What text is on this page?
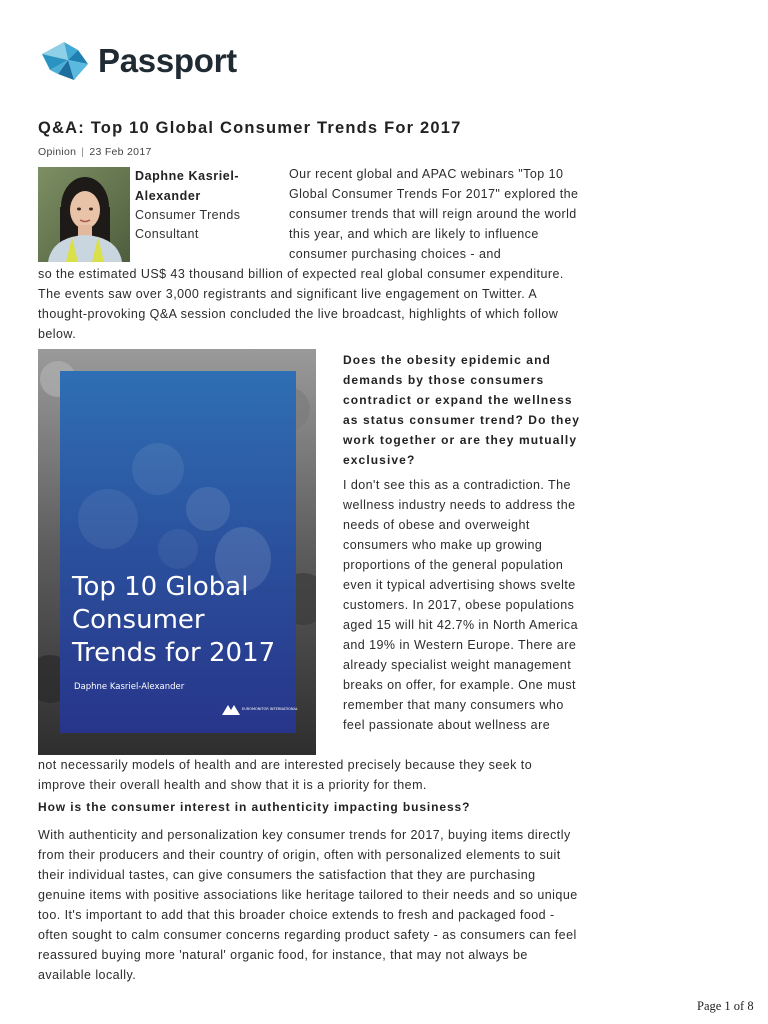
Passport
Q&A: Top 10 Global Consumer Trends For 2017
Opinion | 23 Feb 2017
Daphne Kasriel-Alexander
Consumer Trends Consultant

Our recent global and APAC webinars "Top 10 Global Consumer Trends For 2017" explored the consumer trends that will reign around the world this year, and which are likely to influence consumer purchasing choices - and

so the estimated US$ 43 thousand billion of expected real global consumer expenditure. The events saw over 3,000 registrants and significant live engagement on Twitter. A thought-provoking Q&A session concluded the live broadcast, highlights of which follow below.

Top 10 Global
Consumer
Trends for 2017
Daphne Kasriel-Alexander
EUROMONITOR INTERNATIONAL

Does the obesity epidemic and demands by those consumers contradict or expand the wellness as status consumer trend? Do they work together or are they mutually exclusive?

I don't see this as a contradiction. The wellness industry needs to address the needs of obese and overweight consumers who make up growing proportions of the general population even it typical advertising shows svelte customers. In 2017, obese populations aged 15 will hit 42.7% in North America and 19% in Western Europe. There are already specialist weight management breaks on offer, for example. One must remember that many consumers who feel passionate about wellness are

not necessarily models of health and are interested precisely because they seek to improve their overall health and show that it is a priority for them.

How is the consumer interest in authenticity impacting business?

With authenticity and personalization key consumer trends for 2017, buying items directly from their producers and their country of origin, often with personalized elements to suit their individual tastes, can give consumers the satisfaction that they are purchasing genuine items with positive associations like heritage tailored to their needs and so unique too. It's important to add that this broader choice extends to fresh and packaged food - often sought to calm consumer concerns regarding product safety - as consumers can feel reassured buying more 'natural' organic food, for instance, that may not always be available locally.

Page 1 of 8
